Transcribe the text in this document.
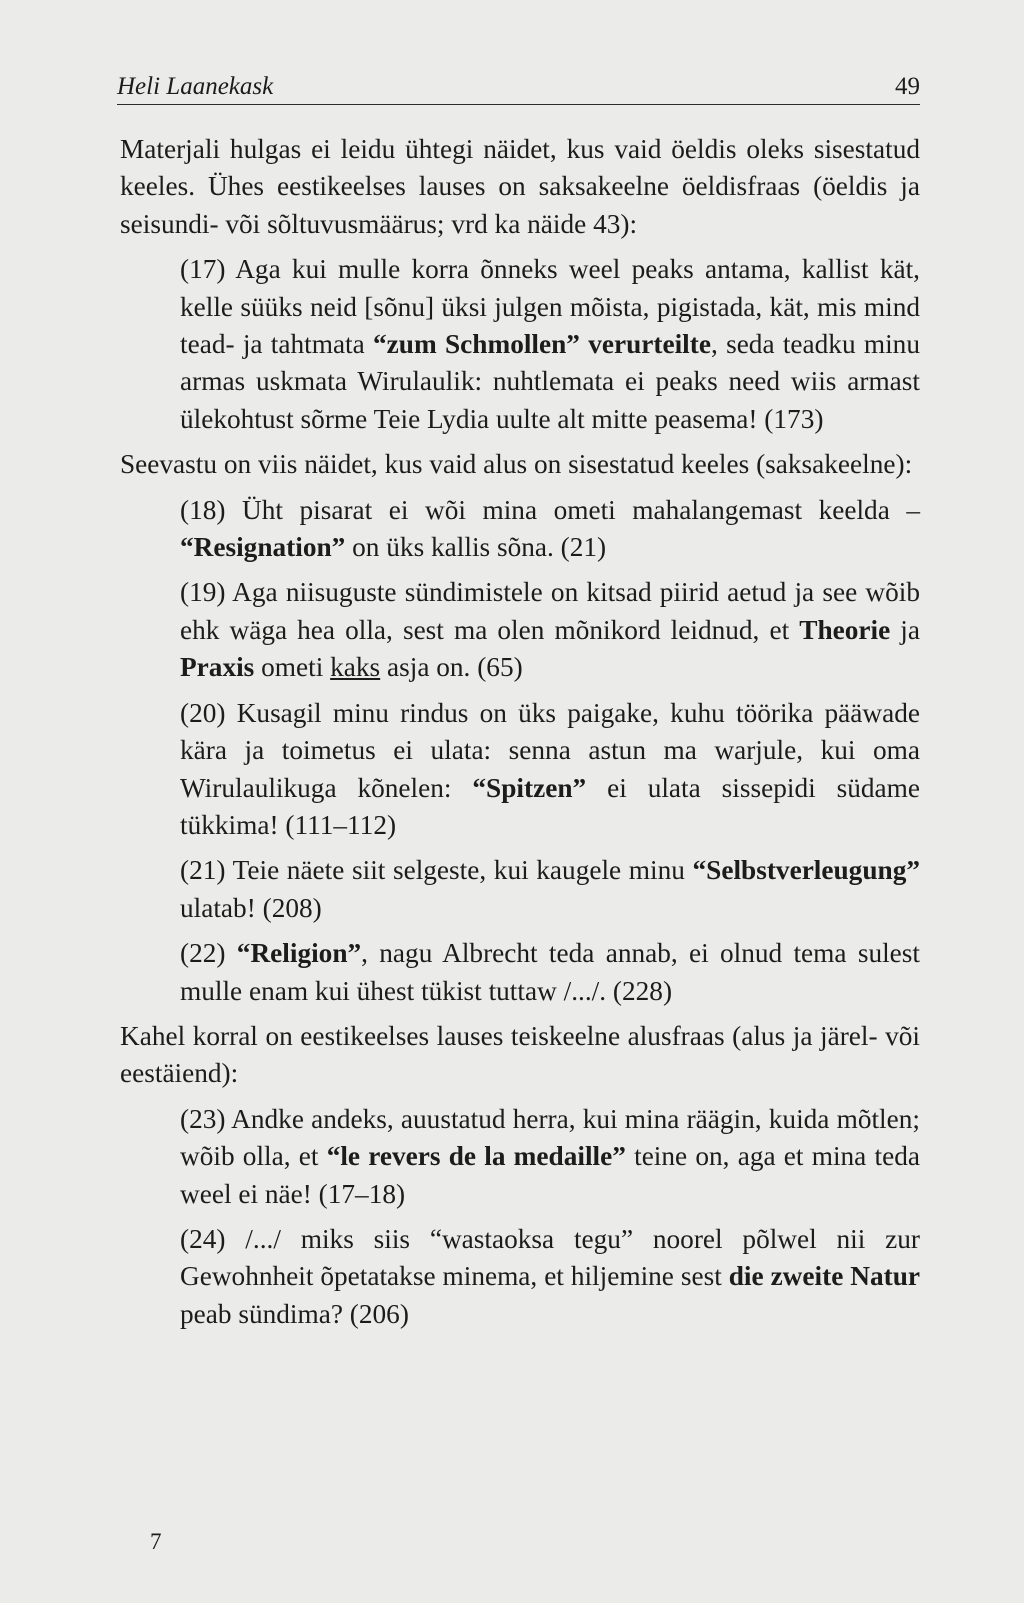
Heli Laanekask	49

Materjali hulgas ei leidu ühtegi näidet, kus vaid öeldis oleks sisestatud keeles. Ühes eestikeelses lauses on saksakeelne öeldisfraas (öeldis ja seisundi- või sõltuvusmäärus; vrd ka näide 43):

(17) Aga kui mulle korra õnneks weel peaks antama, kallist kät, kelle süüks neid [sõnu] üksi julgen mõista, pigistada, kät, mis mind tead- ja tahtmata “zum Schmollen” verurteilte, seda teadku minu armas uskmata Wirulaulik: nuhtlemata ei peaks need wiis armast ülekohtust sõrme Teie Lydia uulte alt mitte peasema! (173)

Seevastu on viis näidet, kus vaid alus on sisestatud keeles (saksakeelne):

(18) Üht pisarat ei wõi mina ometi mahalangemast keelda – “Resignation” on üks kallis sõna. (21)

(19) Aga niisuguste sündimistele on kitsad piirid aetud ja see wõib ehk wäga hea olla, sest ma olen mõnikord leidnud, et Theorie ja Praxis ometi kaks asja on. (65)

(20) Kusagil minu rindus on üks paigake, kuhu töörika pääwade kära ja toimetus ei ulata: senna astun ma warjule, kui oma Wirulaulikuga kõnelen: “Spitzen” ei ulata sissepidi südame tükkima! (111–112)

(21) Teie näete siit selgeste, kui kaugele minu “Selbstverleugung” ulatab! (208)

(22) “Religion”, nagu Albrecht teda annab, ei olnud tema sulest mulle enam kui ühest tükist tuttaw /.../. (228)

Kahel korral on eestikeelses lauses teiskeelne alusfraas (alus ja järel- või eestäiend):

(23) Andke andeks, auustatud herra, kui mina räägin, kuida mõtlen; wõib olla, et “le revers de la medaille” teine on, aga et mina teda weel ei näe! (17–18)

(24) /.../ miks siis “wastaoksa tegu” noorel põlwel nii zur Gewohnheit õpetatakse minema, et hiljemine sest die zweite Natur peab sündima? (206)

7
